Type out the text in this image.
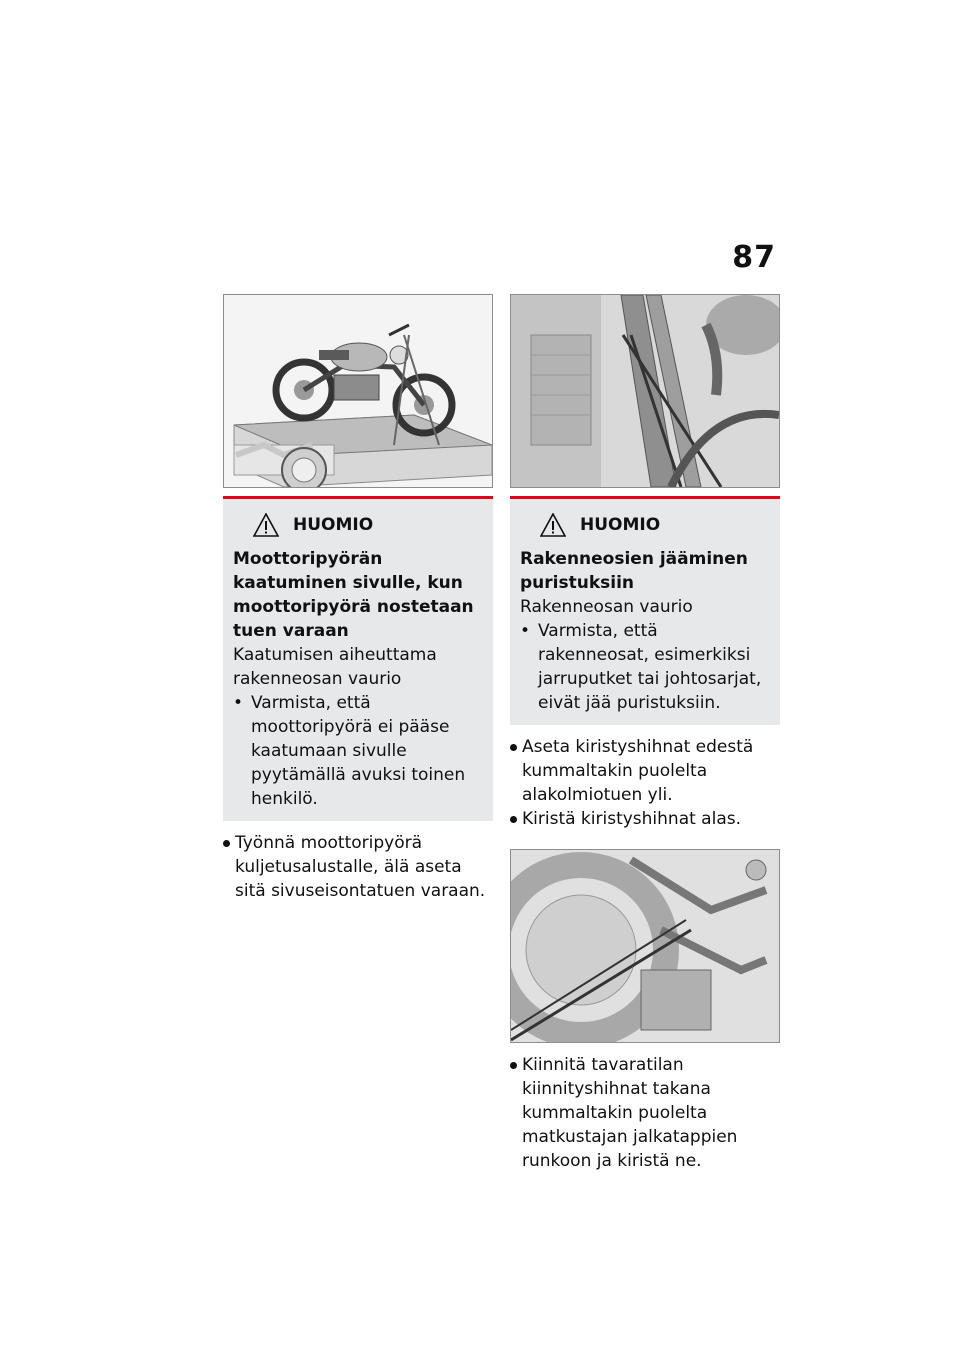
87
HUOMIO
Moottoripyörän kaatuminen sivulle, kun moottoripyörä nostetaan tuen varaan
Kaatumisen aiheuttama rakenneosan vaurio
• Varmista, että moottoripyörä ei pääse kaatumaan sivulle pyytämällä avuksi toinen henkilö.
Työnnä moottoripyörä kuljetusalustalle, älä aseta sitä sivuseisontatuen varaan.
HUOMIO
Rakenneosien jääminen puristuksiin
Rakenneosan vaurio
• Varmista, että rakenneosat, esimerkiksi jarruputket tai johtosarjat, eivät jää puristuksiin.
Aseta kiristyshihnat edestä kummaltakin puolelta alakolmiotuen yli.
Kiristä kiristyshihnat alas.
Kiinnitä tavaratilan kiinnityshihnat takana kummaltakin puolelta matkustajan jalkatappien runkoon ja kiristä ne.
